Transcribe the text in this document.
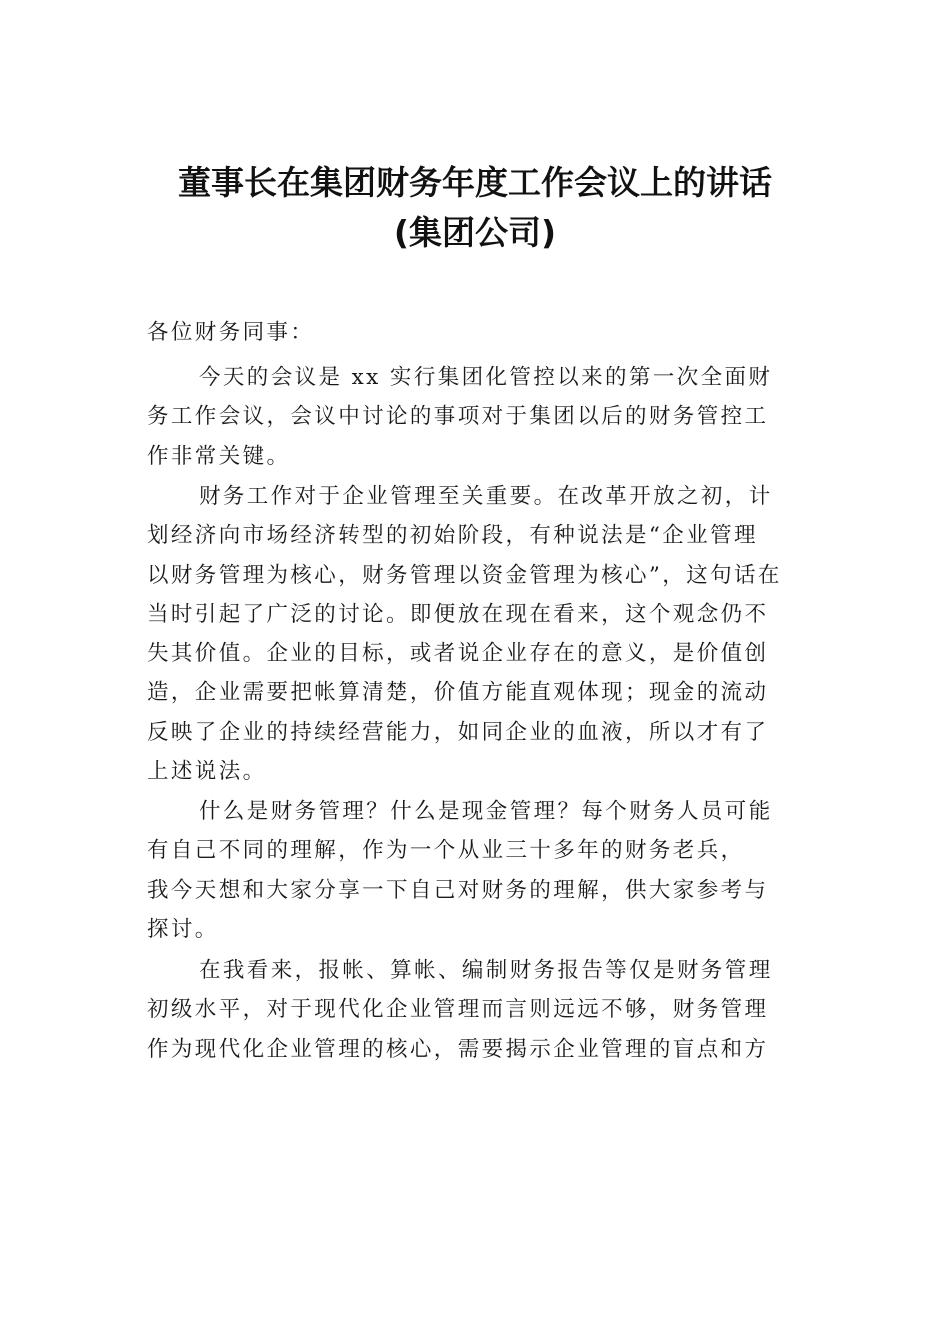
董事长在集团财务年度工作会议上的讲话
(集团公司)
各位财务同事：
今天的会议是 xx 实行集团化管控以来的第一次全面财
务工作会议，会议中讨论的事项对于集团以后的财务管控工
作非常关键。
财务工作对于企业管理至关重要。在改革开放之初，计
划经济向市场经济转型的初始阶段，有种说法是“企业管理
以财务管理为核心，财务管理以资金管理为核心”，这句话在
当时引起了广泛的讨论。即便放在现在看来，这个观念仍不
失其价值。企业的目标，或者说企业存在的意义，是价值创
造，企业需要把帐算清楚，价值方能直观体现；现金的流动
反映了企业的持续经营能力，如同企业的血液，所以才有了
上述说法。
什么是财务管理？什么是现金管理？每个财务人员可能
有自己不同的理解，作为一个从业三十多年的财务老兵，
我今天想和大家分享一下自己对财务的理解，供大家参考与
探讨。
在我看来，报帐、算帐、编制财务报告等仅是财务管理
初级水平，对于现代化企业管理而言则远远不够，财务管理
作为现代化企业管理的核心，需要揭示企业管理的盲点和方
